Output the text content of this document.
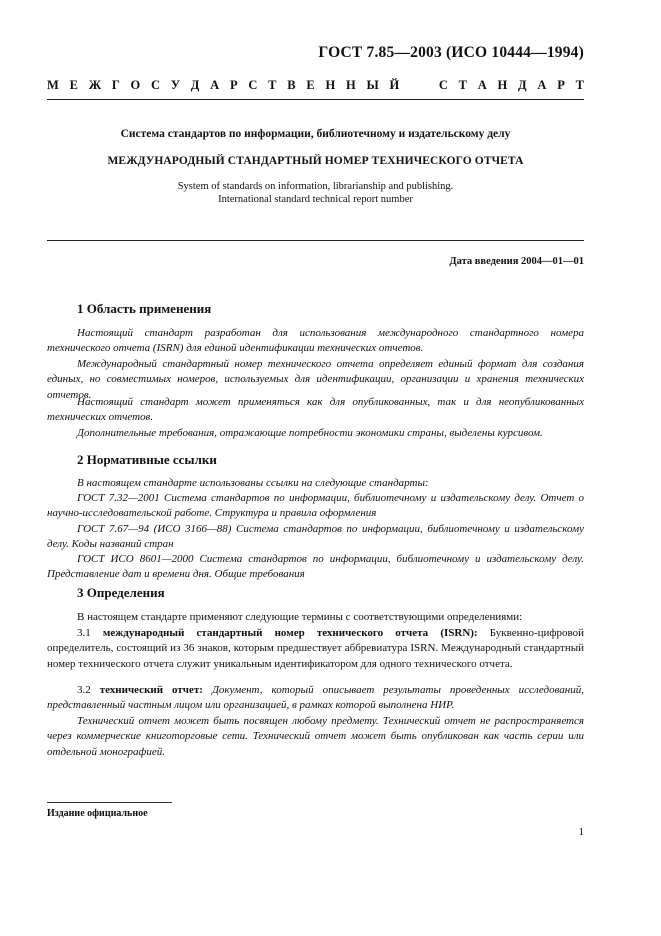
ГОСТ 7.85—2003 (ИСО 10444—1994)
М Е Ж Г О С У Д А Р С Т В Е Н Н Ы Й	С Т А Н Д А Р Т
Система стандартов по информации, библиотечному и издательскому делу
МЕЖДУНАРОДНЫЙ СТАНДАРТНЫЙ НОМЕР ТЕХНИЧЕСКОГО ОТЧЕТА
System of standards on information, librarianship and publishing.
International standard technical report number
Дата введения 2004—01—01
1 Область применения

Настоящий стандарт разработан для использования международного стандартного номера технического отчета (ISRN) для единой идентификации технических отчетов.

Международный стандартный номер технического отчета определяет единый формат для создания единых, но совместимых номеров, используемых для идентификации, организации и хранения технических отчетов.

Настоящий стандарт может применяться как для опубликованных, так и для неопубликованных технических отчетов.

Дополнительные требования, отражающие потребности экономики страны, выделены курсивом.

2 Нормативные ссылки

В настоящем стандарте использованы ссылки на следующие стандарты:

ГОСТ 7.32—2001 Система стандартов по информации, библиотечному и издательскому делу. Отчет о научно-исследовательской работе. Структура и правила оформления

ГОСТ 7.67—94 (ИСО 3166—88) Система стандартов по информации, библиотечному и издательскому делу. Коды названий стран

ГОСТ ИСО 8601—2000 Система стандартов по информации, библиотечному и издательскому делу. Представление дат и времени дня. Общие требования

3 Определения

В настоящем стандарте применяют следующие термины с соответствующими определениями:

3.1 международный стандартный номер технического отчета (ISRN): Буквенно-цифровой определитель, состоящий из 36 знаков, которым предшествует аббревиатура ISRN. Международный стандартный номер технического отчета служит уникальным идентификатором для одного технического отчета.

3.2 технический отчет: Документ, который описывает результаты проведенных исследований, представленный частным лицом или организацией, в рамках которой выполнена НИР.

Технический отчет может быть посвящен любому предмету. Технический отчет не распространяется через коммерческие книготорговые сети. Технический отчет может быть опубликован как часть серии или отдельной монографией.

Издание официальное
1
